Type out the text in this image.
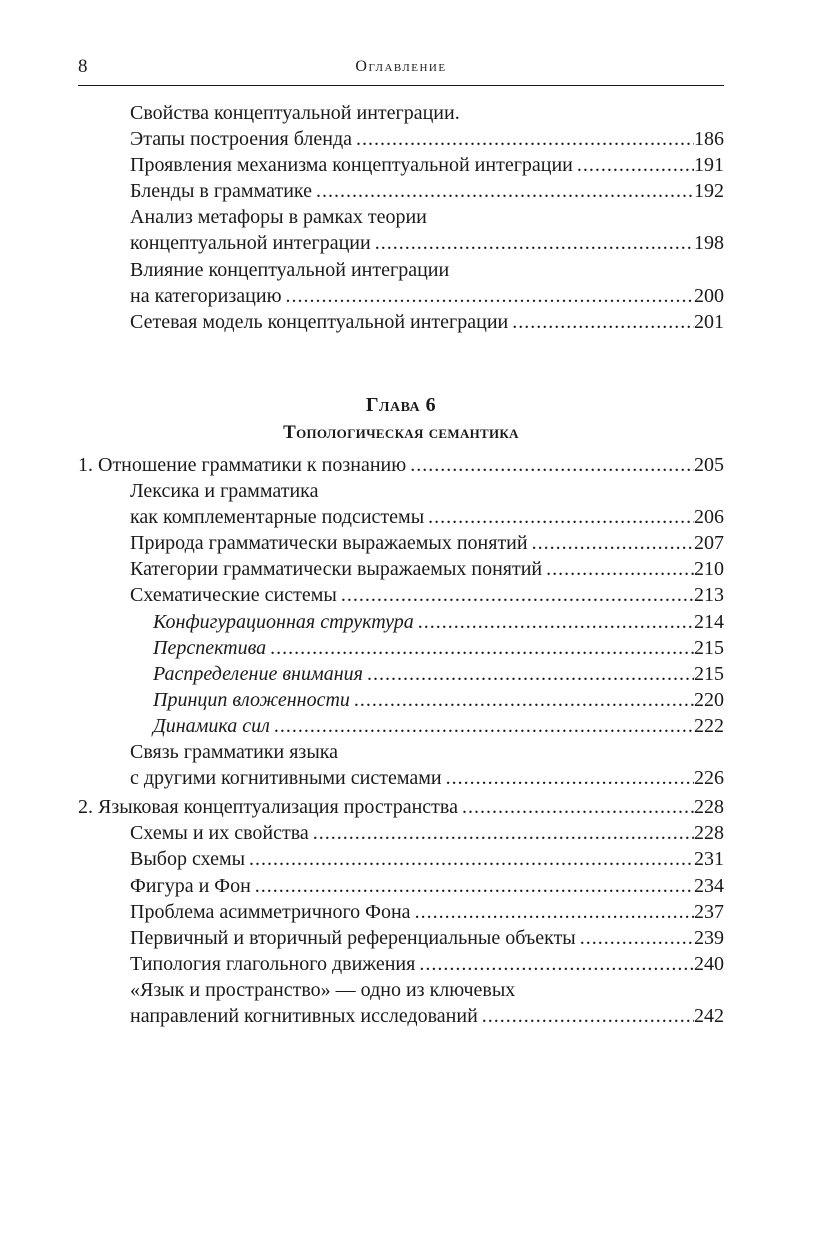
8	Оглавление
Свойства концептуальной интеграции.
Этапы построения бленда .....	186
Проявления механизма концептуальной интеграции .....	191
Бленды в грамматике .....	192
Анализ метафоры в рамках теории
концептуальной интеграции .....	198
Влияние концептуальной интеграции
на категоризацию .....	200
Сетевая модель концептуальной интеграции .....	201
Глава 6
Топологическая семантика
1. Отношение грамматики к познанию .....	205
Лексика и грамматика
как комплементарные подсистемы .....	206
Природа грамматически выражаемых понятий .....	207
Категории грамматически выражаемых понятий .....	210
Схематические системы .....	213
Конфигурационная структура .....	214
Перспектива .....	215
Распределение внимания .....	215
Принцип вложенности .....	220
Динамика сил .....	222
Связь грамматики языка
с другими когнитивными системами .....	226
2. Языковая концептуализация пространства .....	228
Схемы и их свойства .....	228
Выбор схемы .....	231
Фигура и Фон .....	234
Проблема асимметричного Фона .....	237
Первичный и вторичный референциальные объекты .....	239
Типология глагольного движения .....	240
«Язык и пространство» — одно из ключевых
направлений когнитивных исследований .....	242
